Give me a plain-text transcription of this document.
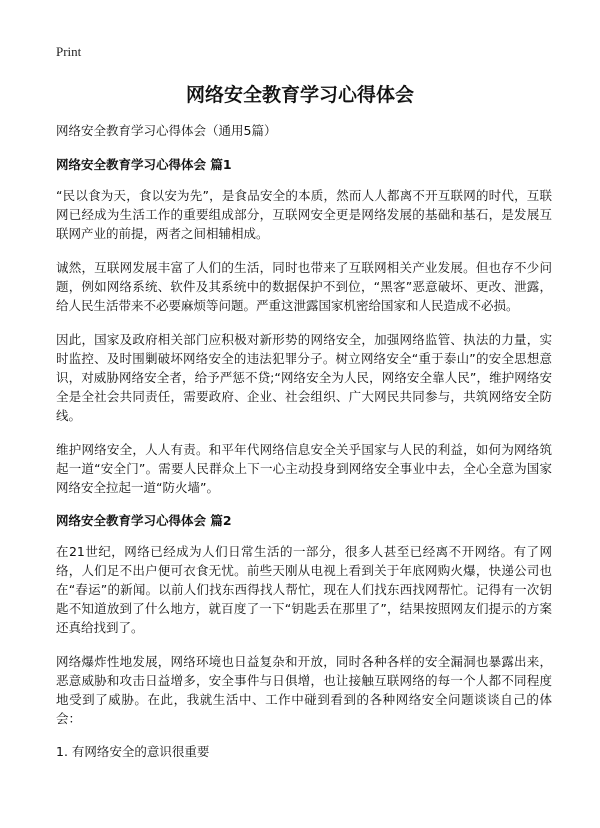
Print
网络安全教育学习心得体会

网络安全教育学习心得体会（通用5篇）

网络安全教育学习心得体会 篇1

“民以食为天，食以安为先”，是食品安全的本质，然而人人都离不开互联网的时代，互联网已经成为生活工作的重要组成部分，互联网安全更是网络发展的基础和基石，是发展互联网产业的前提，两者之间相辅相成。

诚然，互联网发展丰富了人们的生活，同时也带来了互联网相关产业发展。但也存不少问题，例如网络系统、软件及其系统中的数据保护不到位，“黑客”恶意破坏、更改、泄露，给人民生活带来不必要麻烦等问题。严重这泄露国家机密给国家和人民造成不必损。

因此，国家及政府相关部门应积极对新形势的网络安全，加强网络监管、执法的力量，实时监控、及时围剿破坏网络安全的违法犯罪分子。树立网络安全“重于泰山”的安全思想意识，对威胁网络安全者，给予严惩不贷;“网络安全为人民，网络安全靠人民”，维护网络安全是全社会共同责任，需要政府、企业、社会组织、广大网民共同参与，共筑网络安全防线。

维护网络安全，人人有责。和平年代网络信息安全关乎国家与人民的利益，如何为网络筑起一道“安全门”。需要人民群众上下一心主动投身到网络安全事业中去，全心全意为国家网络安全拉起一道“防火墙”。

网络安全教育学习心得体会 篇2

在21世纪，网络已经成为人们日常生活的一部分，很多人甚至已经离不开网络。有了网络，人们足不出户便可衣食无忧。前些天刚从电视上看到关于年底网购火爆，快递公司也在“春运”的新闻。以前人们找东西得找人帮忙，现在人们找东西找网帮忙。记得有一次钥匙不知道放到了什么地方，就百度了一下“钥匙丢在那里了”，结果按照网友们提示的方案还真给找到了。

网络爆炸性地发展，网络环境也日益复杂和开放，同时各种各样的安全漏洞也暴露出来，恶意威胁和攻击日益增多，安全事件与日俱增，也让接触互联网络的每一个人都不同程度地受到了威胁。在此，我就生活中、工作中碰到看到的各种网络安全问题谈谈自己的体会：

1. 有网络安全的意识很重要
